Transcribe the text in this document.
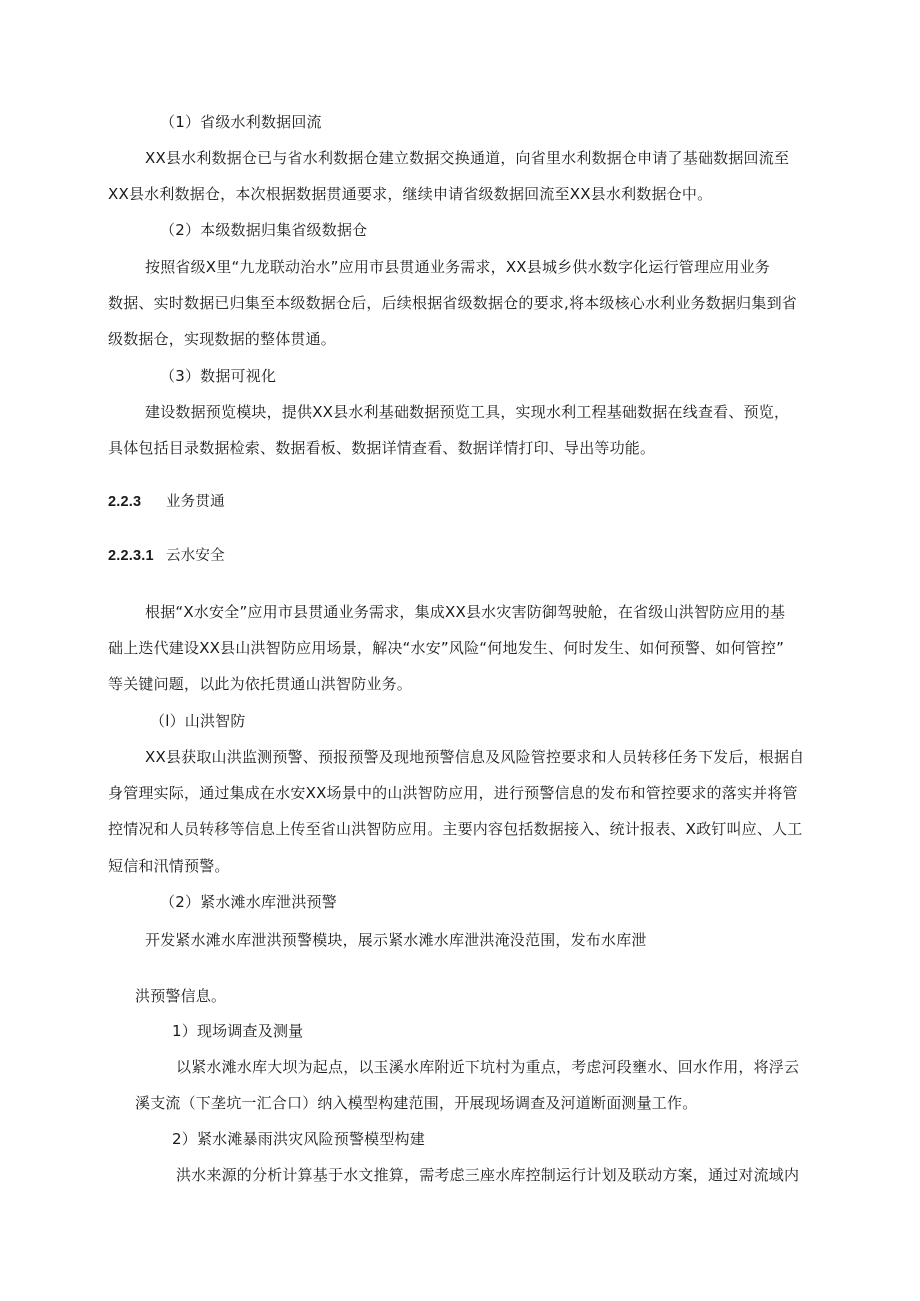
（1）省级水利数据回流

XX县水利数据仓已与省水利数据仓建立数据交换通道，向省里水利数据仓申请了基础数据回流至

XX县水利数据仓，本次根据数据贯通要求，继续申请省级数据回流至XX县水利数据仓中。

（2）本级数据归集省级数据仓

按照省级X里“九龙联动治水”应用市县贯通业务需求，XX县城乡供水数字化运行管理应用业务

数据、实时数据已归集至本级数据仓后，后续根据省级数据仓的要求,将本级核心水利业务数据归集到省

级数据仓，实现数据的整体贯通。

（3）数据可视化

建设数据预览模块，提供XX县水利基础数据预览工具，实现水利工程基础数据在线查看、预览，

具体包括目录数据检索、数据看板、数据详情查看、数据详情打印、导出等功能。

2.2.3 业务贯通

2.2.3.1 云水安全

根据“X水安全”应用市县贯通业务需求，集成XX县水灾害防御驾驶舱，在省级山洪智防应用的基

础上迭代建设XX县山洪智防应用场景，解决“水安”风险“何地发生、何时发生、如何预警、如何管控”

等关键问题，以此为依托贯通山洪智防业务。

（l）山洪智防

XX县获取山洪监测预警、预报预警及现地预警信息及风险管控要求和人员转移任务下发后，根据自

身管理实际，通过集成在水安XX场景中的山洪智防应用，进行预警信息的发布和管控要求的落实并将管

控情况和人员转移等信息上传至省山洪智防应用。主要内容包括数据接入、统计报表、X政钉叫应、人工

短信和汛情预警。

（2）紧水滩水库泄洪预警

开发紧水滩水库泄洪预警模块，展示紧水滩水库泄洪淹没范围，发布水库泄

洪预警信息。

1）现场调查及测量

以紧水滩水库大坝为起点，以玉溪水库附近下坑村为重点，考虑河段壅水、回水作用，将浮云

溪支流（下垄坑一汇合口）纳入模型构建范围，开展现场调查及河道断面测量工作。

2）紧水滩暴雨洪灾风险预警模型构建

洪水来源的分析计算基于水文推算，需考虑三座水库控制运行计划及联动方案，通过对流域内
